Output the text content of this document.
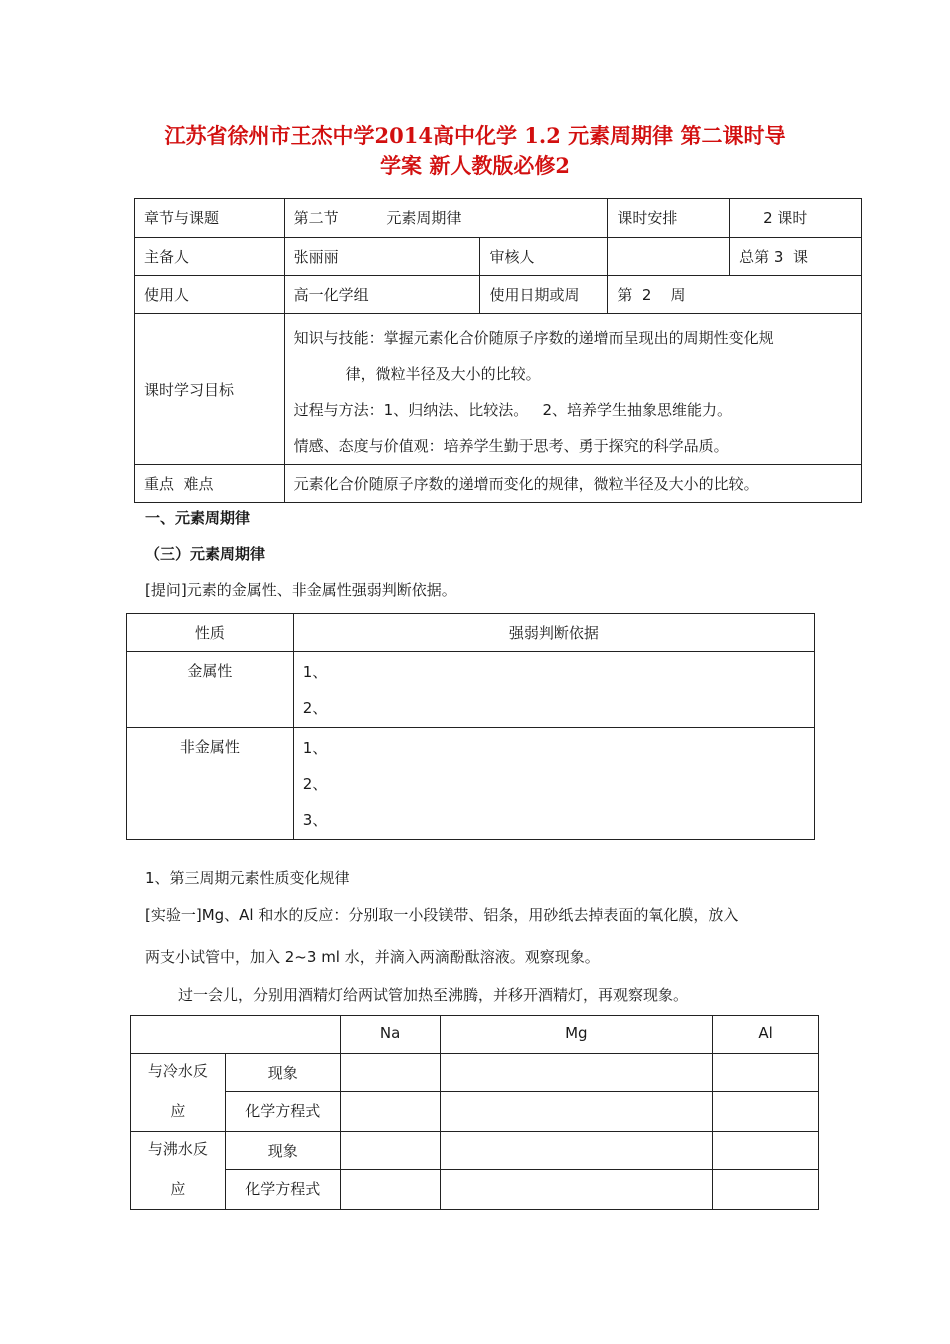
江苏省徐州市王杰中学2014高中化学 1.2 元素周期律 第二课时导
学案 新人教版必修2
章节与课题	第二节          元素周期律		课时安排	2 课时

主备人	张丽丽	审核人		总第 3  课

使用人	高一化学组	使用日期或周	第  2    周	

课时学习目标	知识与技能：掌握元素化合价随原子序数的递增而呈现出的周期性变化规
律，微粒半径及大小的比较。
过程与方法：1、归纳法、比较法。   2、培养学生抽象思维能力。
情感、态度与价值观：培养学生勤于思考、勇于探究的科学品质。			

重点  难点	元素化合价随原子序数的递增而变化的规律，微粒半径及大小的比较。			
一、元素周期律
（三）元素周期律
[提问]元素的金属性、非金属性强弱判断依据。
性质	强弱判断依据

金属性	1、
2、

非金属性	1、
2、
3、
1、第三周期元素性质变化规律
[实验一]Mg、Al 和水的反应：分别取一小段镁带、铝条，用砂纸去掉表面的氧化膜，放入
两支小试管中，加入 2~3 ml 水，并滴入两滴酚酞溶液。观察现象。
过一会儿，分别用酒精灯给两试管加热至沸腾，并移开酒精灯，再观察现象。

		Na	Mg	Al

与冷水反
应	现象			

	化学方程式			

与沸水反
应	现象			

	化学方程式			
